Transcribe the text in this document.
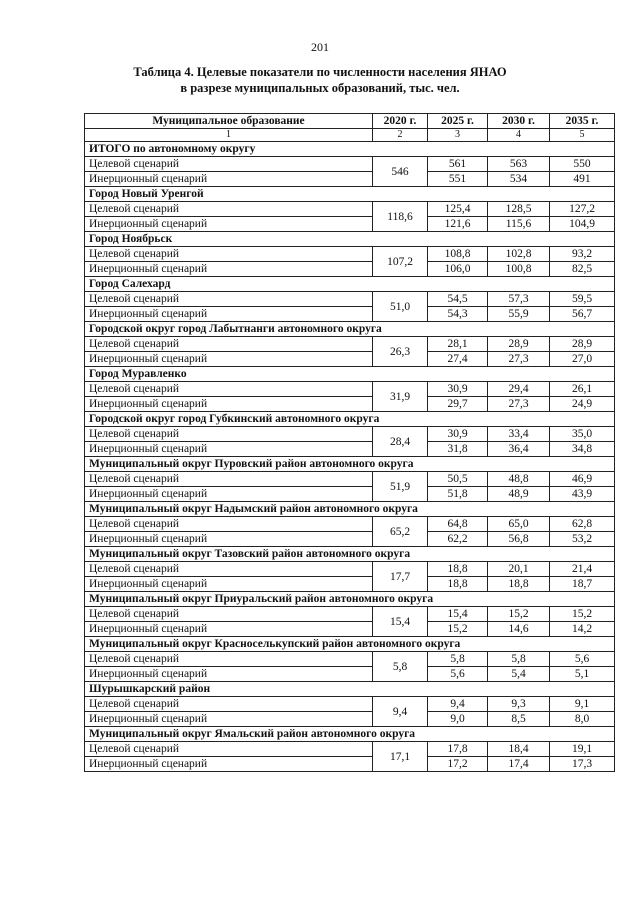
201
Таблица 4. Целевые показатели по численности населения ЯНАО
в разрезе муниципальных образований, тыс. чел.
Муниципальное образование	2020 г.	2025 г.	2030 г.	2035 г.
1	2	3	4	5
ИТОГО по автономному округу				
Целевой сценарий	546	561	563	550
Инерционный сценарий		551	534	491
Город Новый Уренгой				
Целевой сценарий	118,6	125,4	128,5	127,2
Инерционный сценарий		121,6	115,6	104,9
Город Ноябрьск				
Целевой сценарий	107,2	108,8	102,8	93,2
Инерционный сценарий		106,0	100,8	82,5
Город Салехард				
Целевой сценарий	51,0	54,5	57,3	59,5
Инерционный сценарий		54,3	55,9	56,7
Городской округ город Лабытнанги автономного округа				
Целевой сценарий	26,3	28,1	28,9	28,9
Инерционный сценарий		27,4	27,3	27,0
Город Муравленко				
Целевой сценарий	31,9	30,9	29,4	26,1
Инерционный сценарий		29,7	27,3	24,9
Городской округ город Губкинский автономного округа				
Целевой сценарий	28,4	30,9	33,4	35,0
Инерционный сценарий		31,8	36,4	34,8
Муниципальный округ Пуровский район автономного округа				
Целевой сценарий	51,9	50,5	48,8	46,9
Инерционный сценарий		51,8	48,9	43,9
Муниципальный округ Надымский район автономного округа				
Целевой сценарий	65,2	64,8	65,0	62,8
Инерционный сценарий		62,2	56,8	53,2
Муниципальный округ Тазовский район автономного округа				
Целевой сценарий	17,7	18,8	20,1	21,4
Инерционный сценарий		18,8	18,8	18,7
Муниципальный округ Приуральский район автономного округа				
Целевой сценарий	15,4	15,4	15,2	15,2
Инерционный сценарий		15,2	14,6	14,2
Муниципальный округ Красноселькупский район автономного округа				
Целевой сценарий	5,8	5,8	5,8	5,6
Инерционный сценарий		5,6	5,4	5,1
Шурышкарский район				
Целевой сценарий	9,4	9,4	9,3	9,1
Инерционный сценарий		9,0	8,5	8,0
Муниципальный округ Ямальский район автономного округа				
Целевой сценарий	17,1	17,8	18,4	19,1
Инерционный сценарий		17,2	17,4	17,3
